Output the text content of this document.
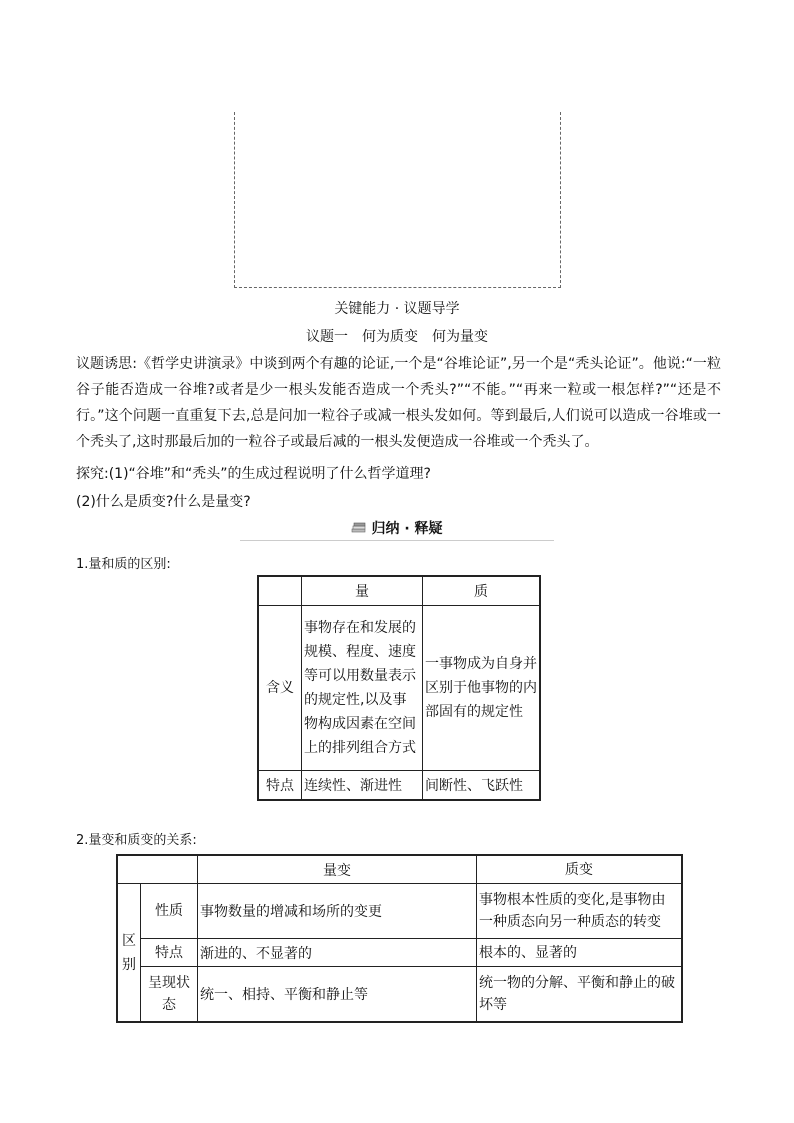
关键能力 · 议题导学
议题一　何为质变　何为量变
议题诱思:《哲学史讲演录》中谈到两个有趣的论证,一个是“谷堆论证”,另一个是“秃头论证”。他说:“一粒谷子能否造成一谷堆?或者是少一根头发能否造成一个秃头?”“不能。”“再来一粒或一根怎样?”“还是不行。”这个问题一直重复下去,总是问加一粒谷子或减一根头发如何。等到最后,人们说可以造成一谷堆或一个秃头了,这时那最后加的一粒谷子或最后减的一根头发便造成一谷堆或一个秃头了。
探究:(1)“谷堆”和“秃头”的生成过程说明了什么哲学道理?
(2)什么是质变?什么是量变?
归纳 · 释疑
1.量和质的区别:
	量	质
含义	事物存在和发展的规模、程度、速度等可以用数量表示的规定性,以及事物构成因素在空间上的排列组合方式	一事物成为自身并区别于他事物的内部固有的规定性
特点	连续性、渐进性	间断性、飞跃性
2.量变和质变的关系:
		量变	质变
区别	性质	事物数量的增减和场所的变更	事物根本性质的变化,是事物由一种质态向另一种质态的转变
	特点	渐进的、不显著的	根本的、显著的
	呈现状态	统一、相持、平衡和静止等	统一物的分解、平衡和静止的破坏等
